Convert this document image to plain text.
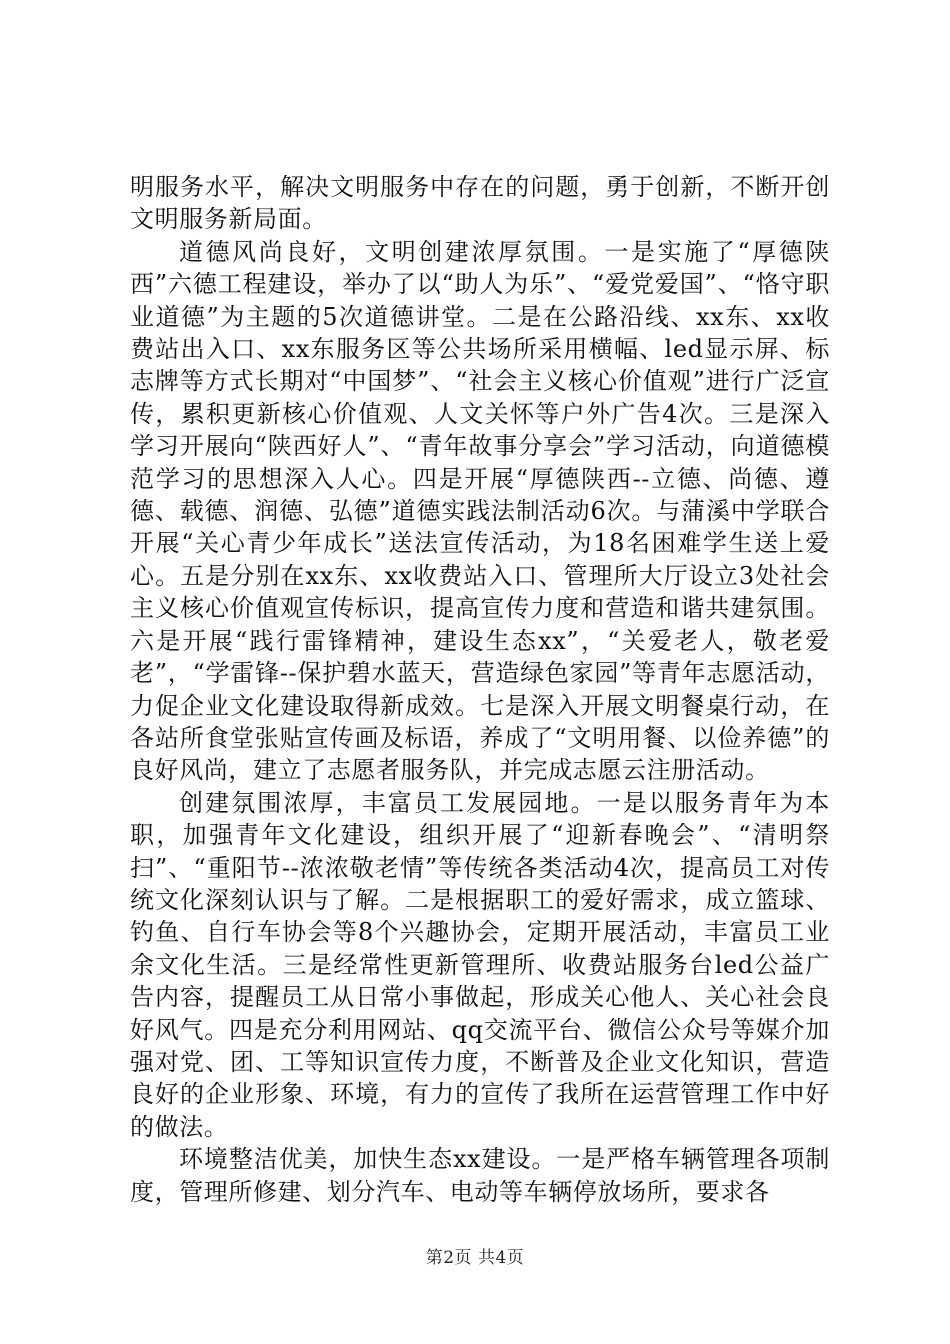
明服务水平，解决文明服务中存在的问题，勇于创新，不断开创文明服务新局面。

道德风尚良好，文明创建浓厚氛围。一是实施了“厚德陕西”六德工程建设，举办了以“助人为乐”、“爱党爱国”、“恪守职业道德”为主题的5次道德讲堂。二是在公路沿线、xx东、xx收费站出入口、xx东服务区等公共场所采用横幅、led显示屏、标志牌等方式长期对“中国梦”、“社会主义核心价值观”进行广泛宣传，累积更新核心价值观、人文关怀等户外广告4次。三是深入学习开展向“陕西好人”、“青年故事分享会”学习活动，向道德模范学习的思想深入人心。四是开展“厚德陕西--立德、尚德、遵德、载德、润德、弘德”道德实践法制活动6次。与蒲溪中学联合开展“关心青少年成长”送法宣传活动，为18名困难学生送上爱心。五是分别在xx东、xx收费站入口、管理所大厅设立3处社会主义核心价值观宣传标识，提高宣传力度和营造和谐共建氛围。六是开展“践行雷锋精神，建设生态xx”，“关爱老人，敬老爱老”，“学雷锋--保护碧水蓝天，营造绿色家园”等青年志愿活动，力促企业文化建设取得新成效。七是深入开展文明餐桌行动，在各站所食堂张贴宣传画及标语，养成了“文明用餐、以俭养德”的良好风尚，建立了志愿者服务队，并完成志愿云注册活动。

创建氛围浓厚，丰富员工发展园地。一是以服务青年为本职，加强青年文化建设，组织开展了“迎新春晚会”、“清明祭扫”、“重阳节--浓浓敬老情”等传统各类活动4次，提高员工对传统文化深刻认识与了解。二是根据职工的爱好需求，成立篮球、钓鱼、自行车协会等8个兴趣协会，定期开展活动，丰富员工业余文化生活。三是经常性更新管理所、收费站服务台led公益广告内容，提醒员工从日常小事做起，形成关心他人、关心社会良好风气。四是充分利用网站、qq交流平台、微信公众号等媒介加强对党、团、工等知识宣传力度，不断普及企业文化知识，营造良好的企业形象、环境，有力的宣传了我所在运营管理工作中好的做法。

环境整洁优美，加快生态xx建设。一是严格车辆管理各项制度，管理所修建、划分汽车、电动等车辆停放场所，要求各

第2页 共4页
